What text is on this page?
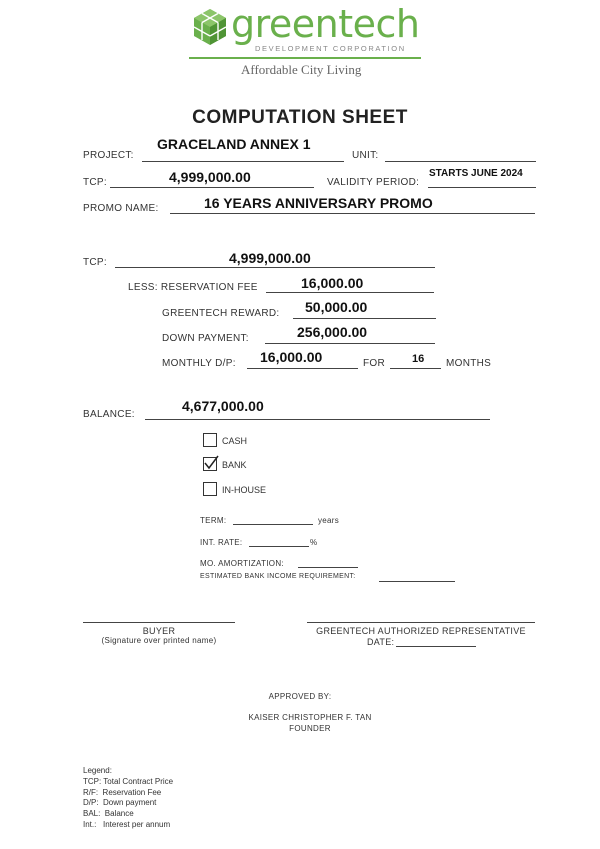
greentech
DEVELOPMENT CORPORATION
Affordable City Living
COMPUTATION SHEET
PROJECT:
GRACELAND ANNEX 1
UNIT:
TCP:	4,999,000.00	VALIDITY PERIOD:
STARTS JUNE 2024
PROMO NAME:	16 YEARS ANNIVERSARY PROMO
TCP:	4,999,000.00
LESS: RESERVATION FEE	16,000.00
GREENTECH REWARD: 50,000.00
DOWN PAYMENT:	256,000.00
MONTHLY D/P: 16,000.00	FOR 16 MONTHS
BALANCE:
4,677,000.00
CASH
BANK
IN-HOUSE
TERM:	years
INT. RATE:	%
MO. AMORTIZATION:
ESTIMATED BANK INCOME REQUIREMENT:
BUYER
(Signature over printed name)
GREENTECH AUTHORIZED REPRESENTATIVE
DATE:
APPROVED BY:
KAISER CHRISTOPHER F. TAN
FOUNDER
Legend:
TCP: Total Contract Price
R/F:  Reservation Fee
D/P:  Down payment
BAL:  Balance
Int.:   Interest per annum
